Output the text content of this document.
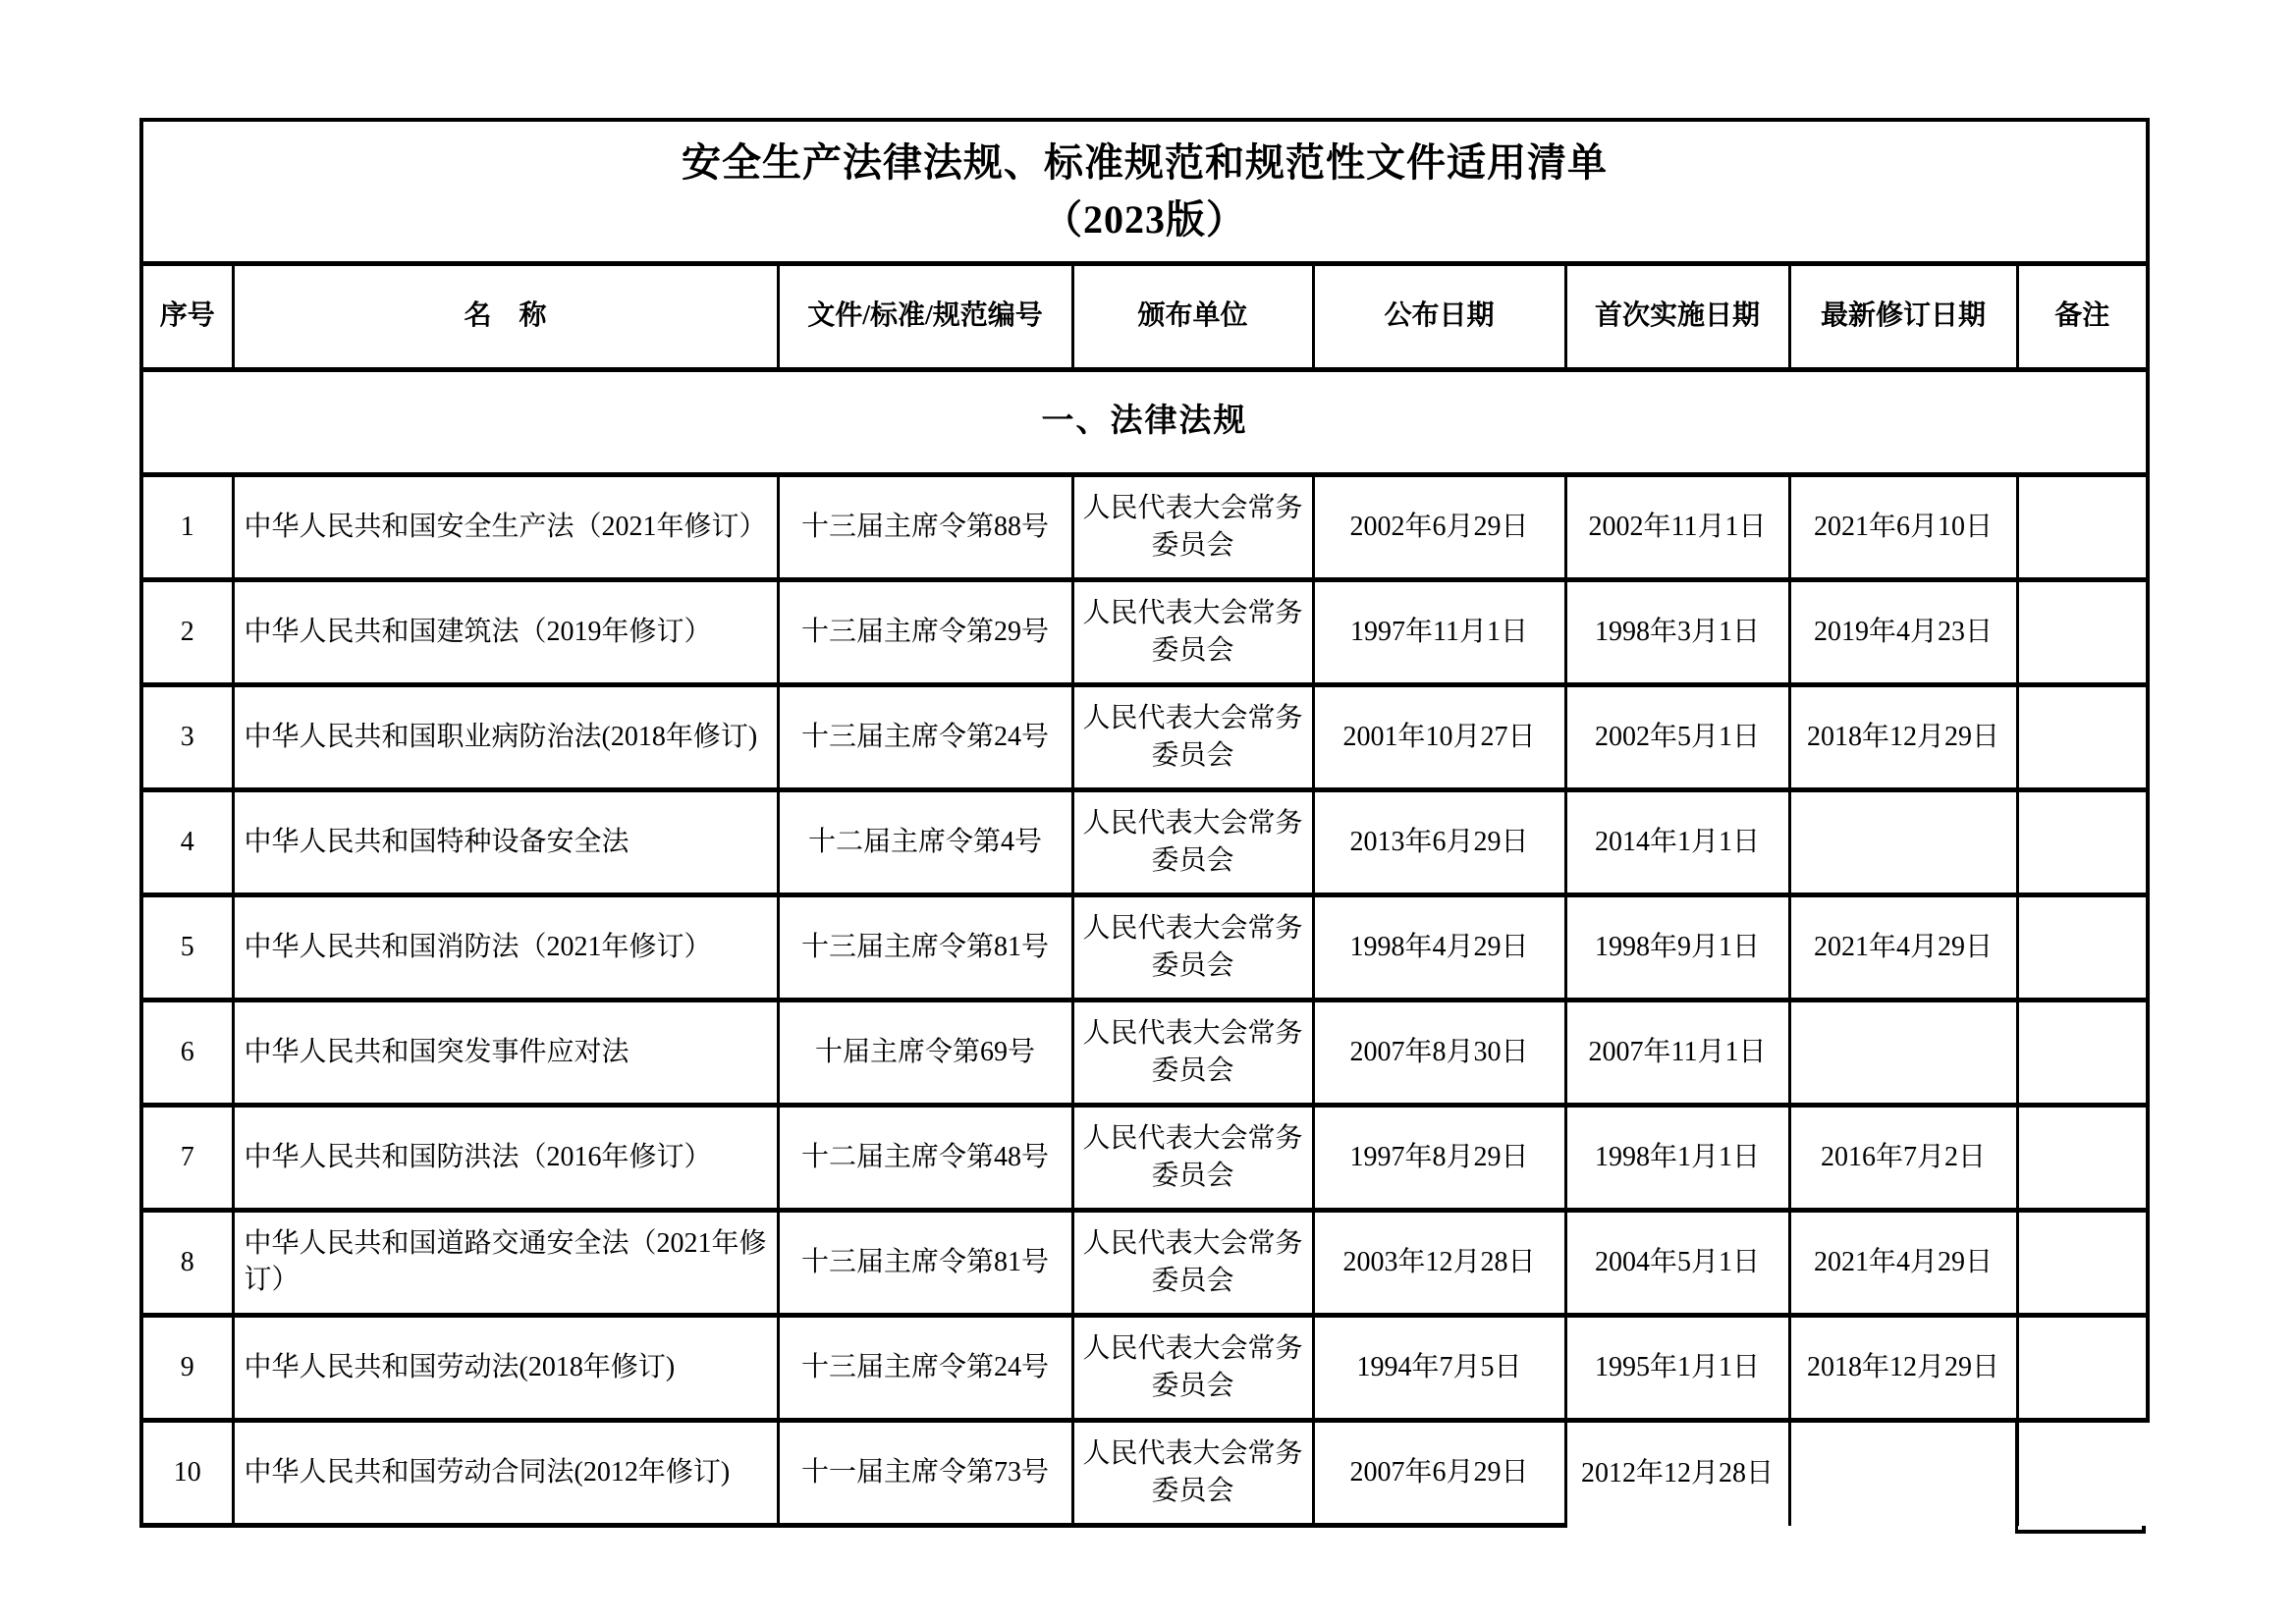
安全生产法律法规、标准规范和规范性文件适用清单
（2023版）							

序号	名　称	文件/标准/规范编号	颁布单位	公布日期	首次实施日期	最新修订日期	备注
一、法律法规							
1	中华人民共和国安全生产法（2021年修订）	十三届主席令第88号	人民代表大会常务委员会	2002年6月29日	2002年11月1日	2021年6月10日	
2	中华人民共和国建筑法（2019年修订）	十三届主席令第29号	人民代表大会常务委员会	1997年11月1日	1998年3月1日	2019年4月23日	
3	中华人民共和国职业病防治法(2018年修订)	十三届主席令第24号	人民代表大会常务委员会	2001年10月27日	2002年5月1日	2018年12月29日	
4	中华人民共和国特种设备安全法	十二届主席令第4号	人民代表大会常务委员会	2013年6月29日	2014年1月1日		
5	中华人民共和国消防法（2021年修订）	十三届主席令第81号	人民代表大会常务委员会	1998年4月29日	1998年9月1日	2021年4月29日	
6	中华人民共和国突发事件应对法	十届主席令第69号	人民代表大会常务委员会	2007年8月30日	2007年11月1日		
7	中华人民共和国防洪法（2016年修订）	十二届主席令第48号	人民代表大会常务委员会	1997年8月29日	1998年1月1日	2016年7月2日	
8	中华人民共和国道路交通安全法（2021年修订）	十三届主席令第81号	人民代表大会常务委员会	2003年12月28日	2004年5月1日	2021年4月29日	
9	中华人民共和国劳动法(2018年修订)	十三届主席令第24号	人民代表大会常务委员会	1994年7月5日	1995年1月1日	2018年12月29日	
10	中华人民共和国劳动合同法(2012年修订)	十一届主席令第73号	人民代表大会常务委员会	2007年6月29日	2012年12月28日		
